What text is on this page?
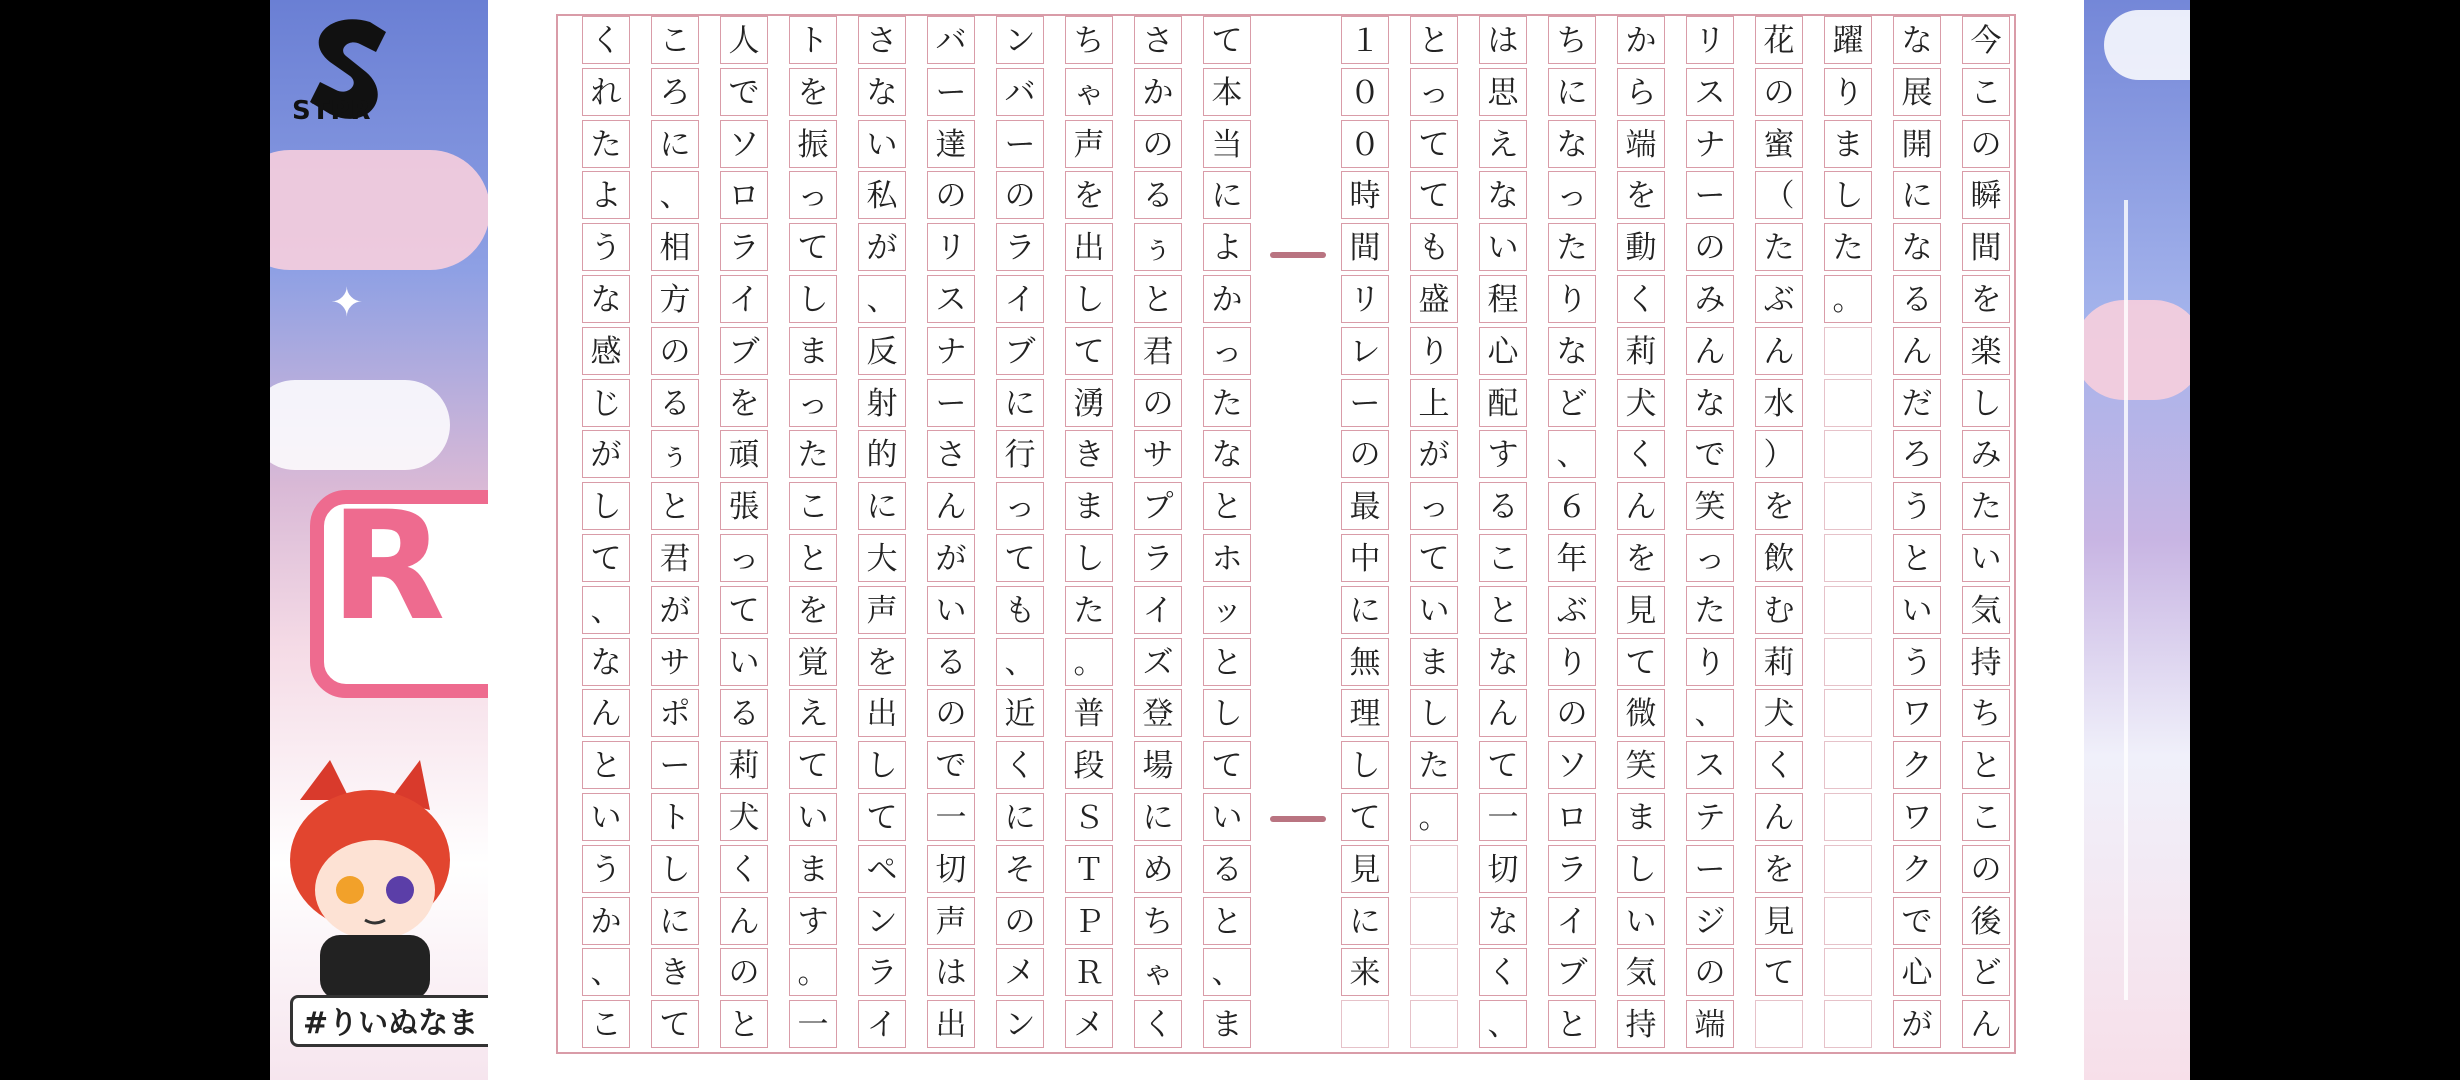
✦
STPR
R
#りいぬなま
今
こ
の
瞬
間
を
楽
し
み
た
い
気
持
ち
と
こ
の
後
ど
ん
な
展
開
に
な
る
ん
だ
ろ
う
と
い
う
ワ
ク
ワ
ク
で
心
が
躍
り
ま
し
た
。
花
の
蜜
（
た
ぶ
ん
水
）
を
飲
む
莉
犬
く
ん
を
見
て
リ
ス
ナ
ー
の
み
ん
な
で
笑
っ
た
り
、
ス
テ
ー
ジ
の
端
か
ら
端
を
動
く
莉
犬
く
ん
を
見
て
微
笑
ま
し
い
気
持
ち
に
な
っ
た
り
な
ど
、
６
年
ぶ
り
の
ソ
ロ
ラ
イ
ブ
と
は
思
え
な
い
程
心
配
す
る
こ
と
な
ん
て
一
切
な
く
、
と
っ
て
て
も
盛
り
上
が
っ
て
い
ま
し
た
。
１
０
０
時
間
リ
レ
ー
の
最
中
に
無
理
し
て
見
に
来
て
本
当
に
よ
か
っ
た
な
と
ホ
ッ
と
し
て
い
る
と
、
ま
さ
か
の
る
ぅ
と
君
の
サ
プ
ラ
イ
ズ
登
場
に
め
ち
ゃ
く
ち
ゃ
声
を
出
し
て
湧
き
ま
し
た
。
普
段
Ｓ
Ｔ
Ｐ
Ｒ
メ
ン
バ
ー
の
ラ
イ
ブ
に
行
っ
て
も
、
近
く
に
そ
の
メ
ン
バ
ー
達
の
リ
ス
ナ
ー
さ
ん
が
い
る
の
で
一
切
声
は
出
さ
な
い
私
が
、
反
射
的
に
大
声
を
出
し
て
ペ
ン
ラ
イ
ト
を
振
っ
て
し
ま
っ
た
こ
と
を
覚
え
て
い
ま
す
。
一
人
で
ソ
ロ
ラ
イ
ブ
を
頑
張
っ
て
い
る
莉
犬
く
ん
の
と
こ
ろ
に
、
相
方
の
る
ぅ
と
君
が
サ
ポ
ー
ト
し
に
き
て
く
れ
た
よ
う
な
感
じ
が
し
て
、
な
ん
と
い
う
か
、
こ
